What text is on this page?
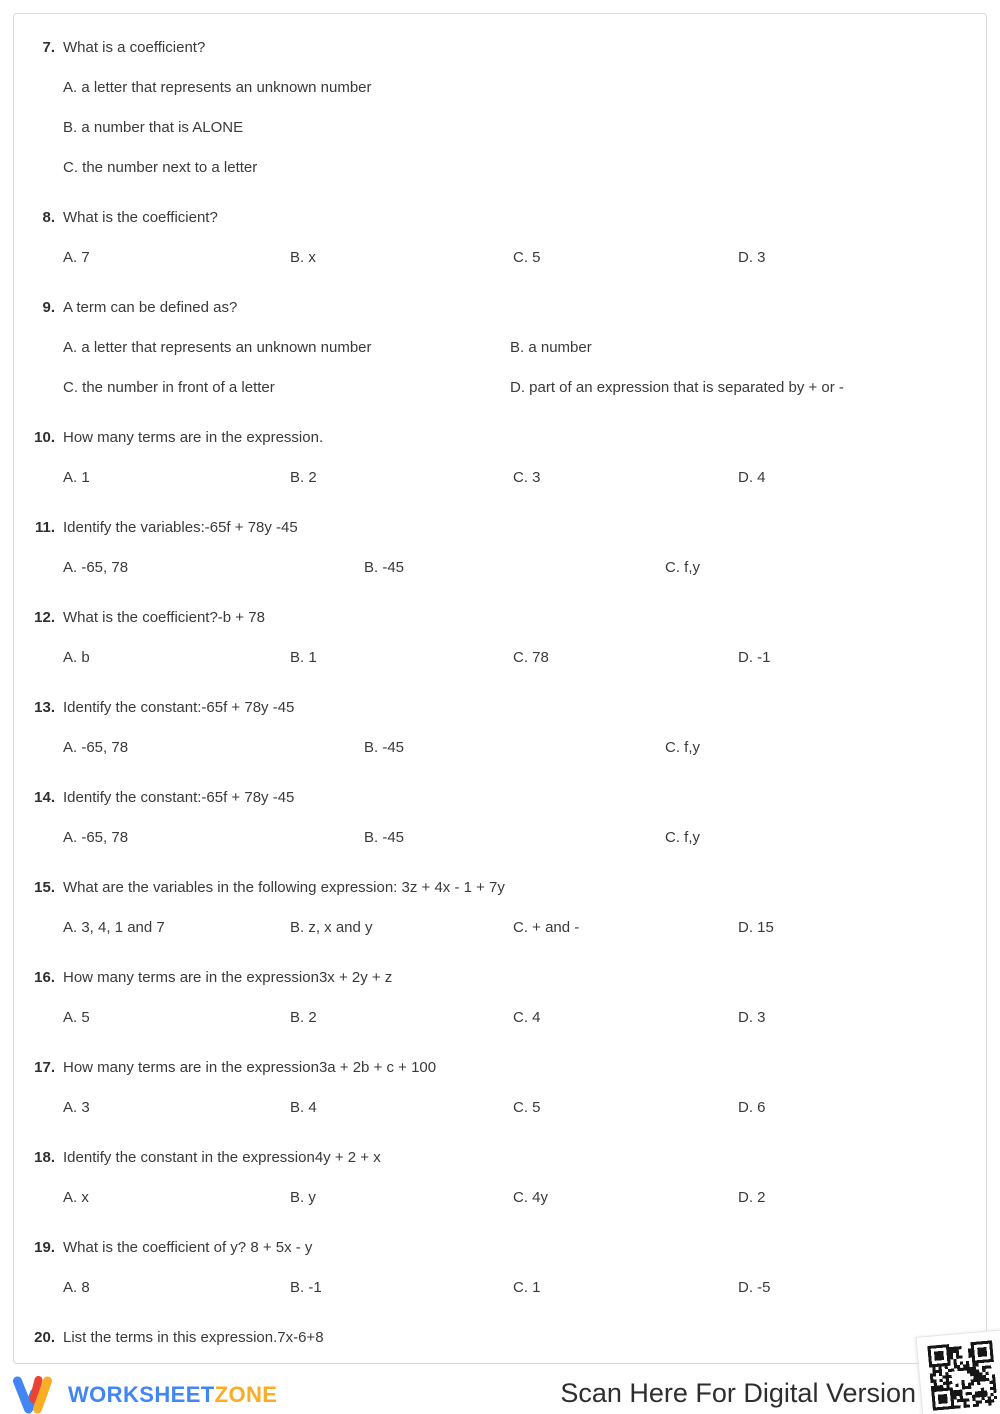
7. What is a coefficient?
A. a letter that represents an unknown number
B. a number that is ALONE
C. the number next to a letter
8. What is the coefficient?
A. 7	B. x	C. 5	D. 3
9. A term can be defined as?
A. a letter that represents an unknown number	B. a number
C. the number in front of a letter	D. part of an expression that is separated by + or -
10. How many terms are in the expression.
A. 1	B. 2	C. 3	D. 4
11. Identify the variables:-65f + 78y -45
A. -65, 78	B. -45	C. f,y
12. What is the coefficient?-b + 78
A. b	B. 1	C. 78	D. -1
13. Identify the constant:-65f + 78y -45
A. -65, 78	B. -45	C. f,y
14. Identify the constant:-65f + 78y -45
A. -65, 78	B. -45	C. f,y
15. What are the variables in the following expression: 3z + 4x - 1 + 7y
A. 3, 4, 1 and 7	B. z, x and y	C. + and -	D. 15
16. How many terms are in the expression3x + 2y + z
A. 5	B. 2	C. 4	D. 3
17. How many terms are in the expression3a + 2b + c + 100
A. 3	B. 4	C. 5	D. 6
18. Identify the constant in the expression4y + 2 + x
A. x	B. y	C. 4y	D. 2
19. What is the coefficient of y? 8 + 5x - y
A. 8	B. -1	C. 1	D. -5
20. List the terms in this expression.7x-6+8
WORKSHEETZONE	Scan Here For Digital Version
